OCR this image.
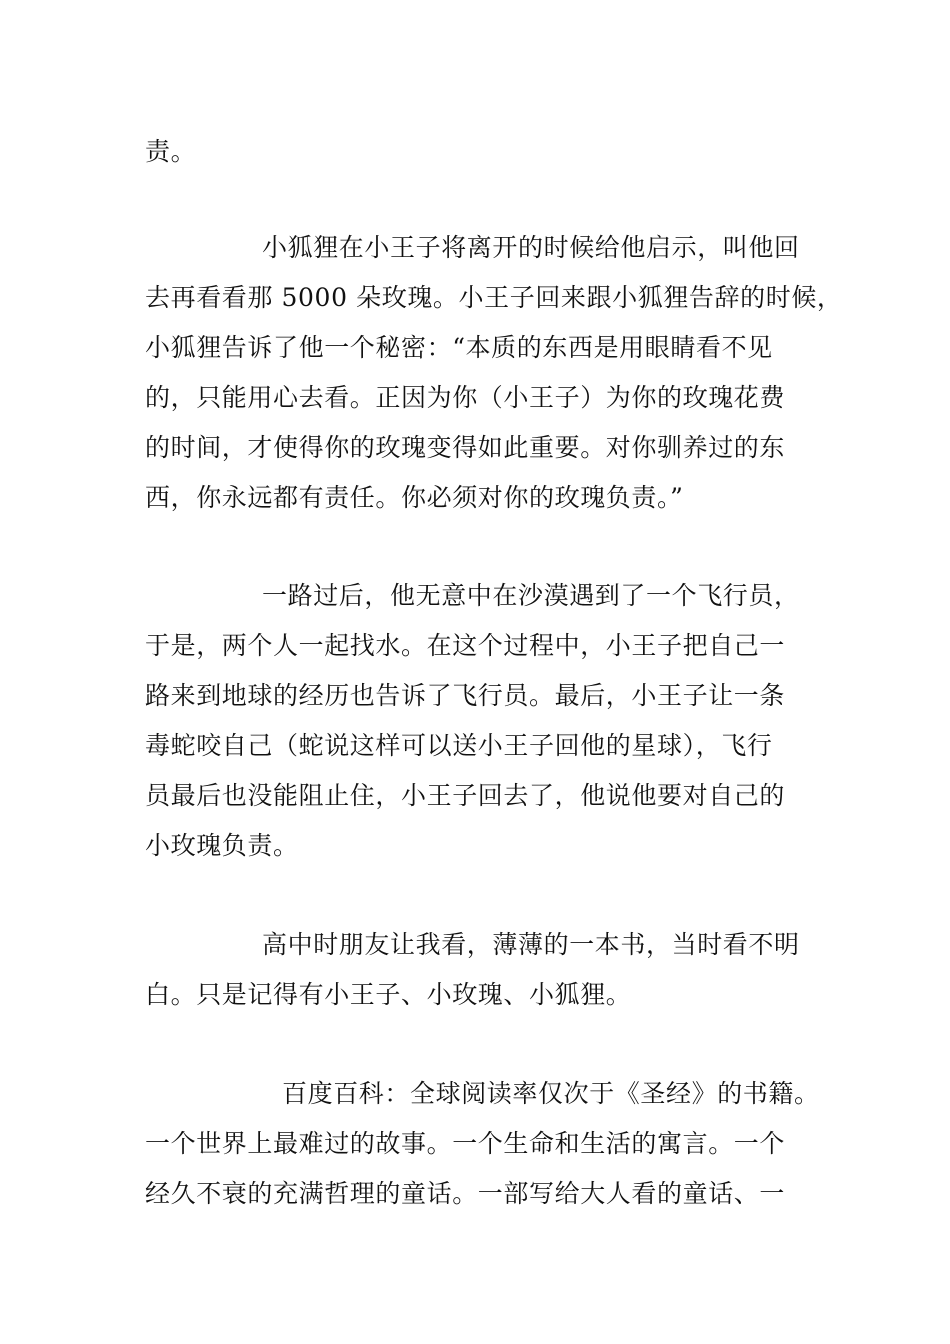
责。
小狐狸在小王子将离开的时候给他启示，叫他回
去再看看那 5000 朵玫瑰。小王子回来跟小狐狸告辞的时候，
小狐狸告诉了他一个秘密：“本质的东西是用眼睛看不见
的，只能用心去看。正因为你（小王子）为你的玫瑰花费
的时间，才使得你的玫瑰变得如此重要。对你驯养过的东
西，你永远都有责任。你必须对你的玫瑰负责。”
一路过后，他无意中在沙漠遇到了一个飞行员，
于是，两个人一起找水。在这个过程中，小王子把自己一
路来到地球的经历也告诉了飞行员。最后，小王子让一条
毒蛇咬自己（蛇说这样可以送小王子回他的星球），飞行
员最后也没能阻止住，小王子回去了，他说他要对自己的
小玫瑰负责。
高中时朋友让我看，薄薄的一本书，当时看不明
白。只是记得有小王子、小玫瑰、小狐狸。
百度百科：全球阅读率仅次于《圣经》的书籍。
一个世界上最难过的故事。一个生命和生活的寓言。一个
经久不衰的充满哲理的童话。一部写给大人看的童话、一
